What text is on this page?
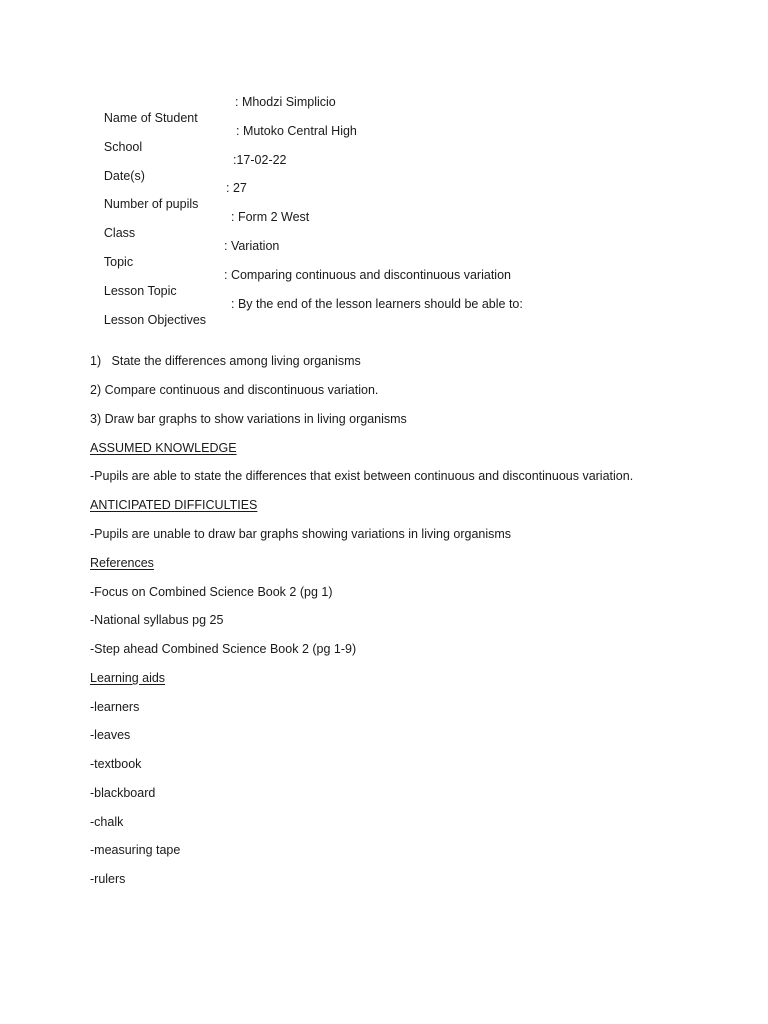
Name of Student

: Mhodzi Simplicio

School

: Mutoko Central High

Date(s)

:17-02-22

Number of pupils

: 27

Class

: Form 2 West

Topic

: Variation

Lesson Topic

: Comparing continuous and discontinuous variation

Lesson Objectives

: By the end of the lesson learners should be able to:

1)   State the differences among living organisms
2) Compare continuous and discontinuous variation.
3) Draw bar graphs to show variations in living organisms
ASSUMED KNOWLEDGE
-Pupils are able to state the differences that exist between continuous and discontinuous variation.
ANTICIPATED DIFFICULTIES
-Pupils are unable to draw bar graphs showing variations in living organisms
References
-Focus on Combined Science Book 2 (pg 1)
-National syllabus pg 25
-Step ahead Combined Science Book 2 (pg 1-9)
Learning aids
-learners
-leaves
-textbook
-blackboard
-chalk
-measuring tape
-rulers
